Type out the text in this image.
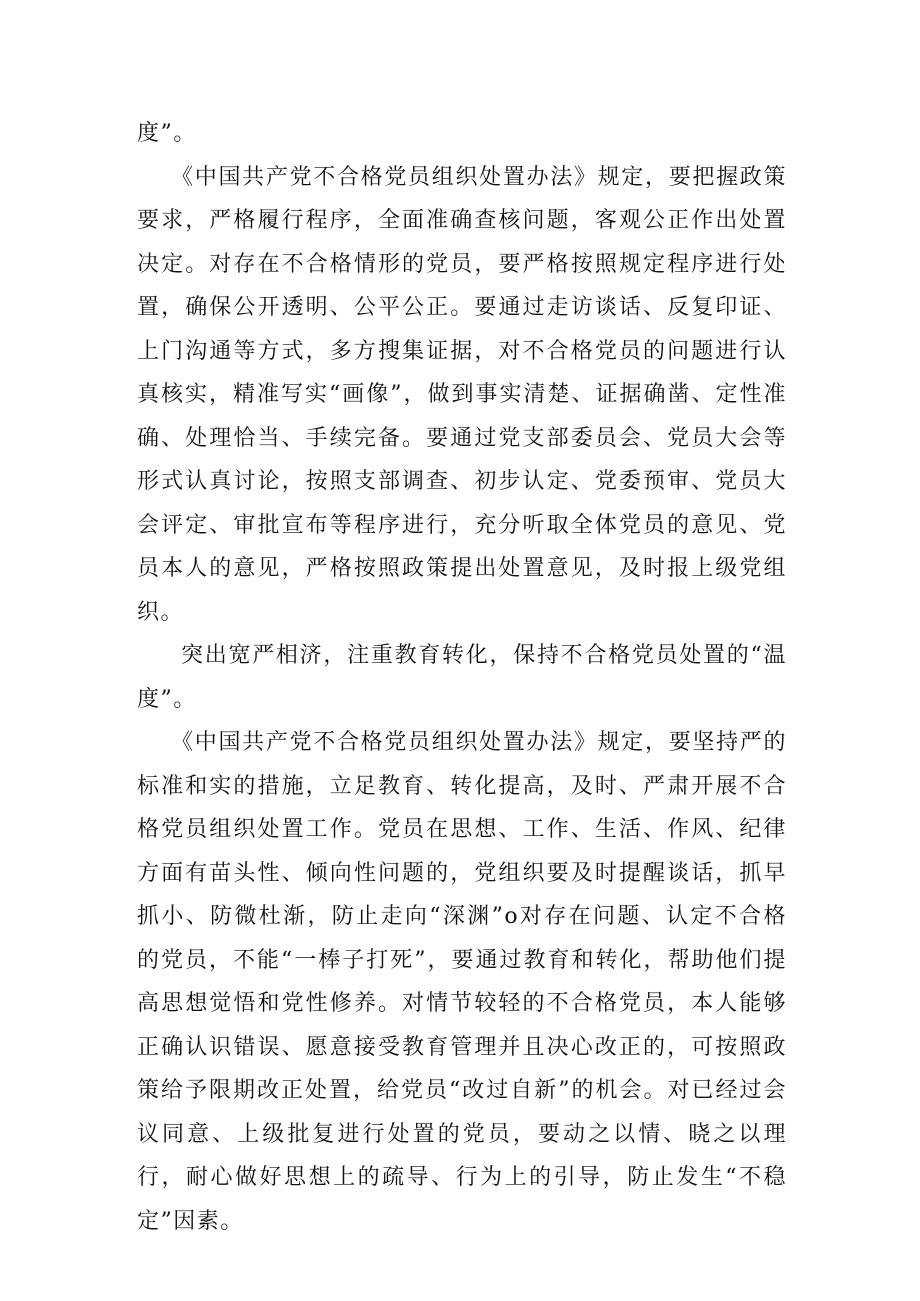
度”。

《中国共产党不合格党员组织处置办法》规定，要把握政策要求，严格履行程序，全面准确查核问题，客观公正作出处置决定。对存在不合格情形的党员，要严格按照规定程序进行处置，确保公开透明、公平公正。要通过走访谈话、反复印证、上门沟通等方式，多方搜集证据，对不合格党员的问题进行认真核实，精准写实“画像”，做到事实清楚、证据确凿、定性准确、处理恰当、手续完备。要通过党支部委员会、党员大会等形式认真讨论，按照支部调查、初步认定、党委预审、党员大会评定、审批宣布等程序进行，充分听取全体党员的意见、党员本人的意见，严格按照政策提出处置意见，及时报上级党组织。

突出宽严相济，注重教育转化，保持不合格党员处置的“温度”。

《中国共产党不合格党员组织处置办法》规定，要坚持严的标准和实的措施，立足教育、转化提高，及时、严肃开展不合格党员组织处置工作。党员在思想、工作、生活、作风、纪律方面有苗头性、倾向性问题的，党组织要及时提醒谈话，抓早抓小、防微杜渐，防止走向“深渊”o对存在问题、认定不合格的党员，不能“一棒子打死”，要通过教育和转化，帮助他们提高思想觉悟和党性修养。对情节较轻的不合格党员，本人能够正确认识错误、愿意接受教育管理并且决心改正的，可按照政策给予限期改正处置，给党员“改过自新”的机会。对已经过会议同意、上级批复进行处置的党员，要动之以情、晓之以理行，耐心做好思想上的疏导、行为上的引导，防止发生“不稳定”因素。
